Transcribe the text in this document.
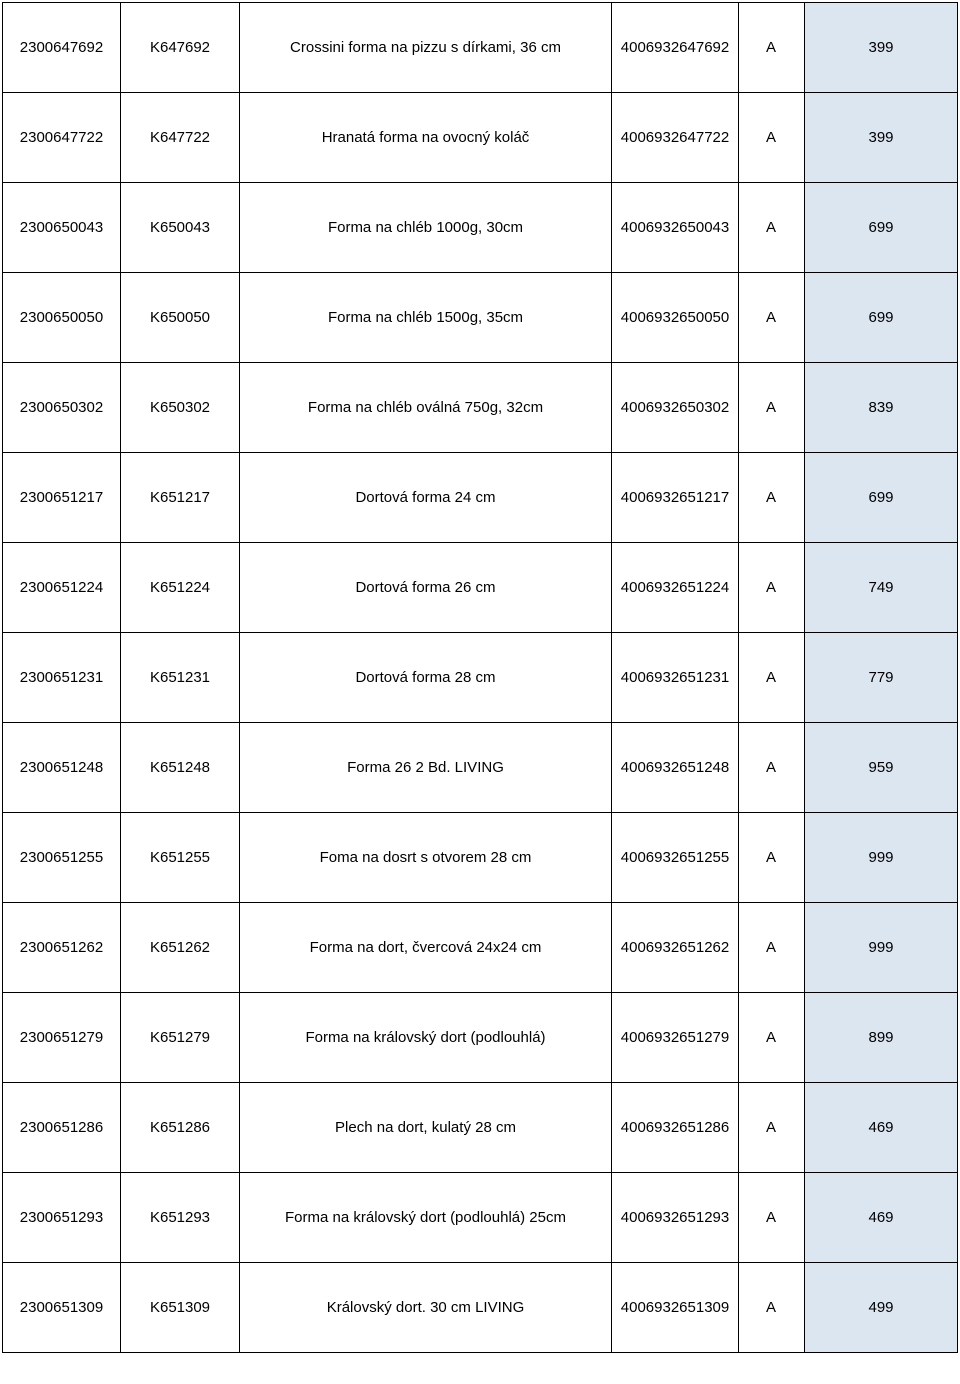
2300647692	K647692	Crossini forma na pizzu s dírkami, 36 cm	4006932647692	A	399
2300647722	K647722	Hranatá forma na ovocný koláč	4006932647722	A	399
2300650043	K650043	Forma na chléb 1000g, 30cm	4006932650043	A	699
2300650050	K650050	Forma na chléb 1500g, 35cm	4006932650050	A	699
2300650302	K650302	Forma na chléb oválná 750g, 32cm	4006932650302	A	839
2300651217	K651217	Dortová forma 24 cm	4006932651217	A	699
2300651224	K651224	Dortová forma 26 cm	4006932651224	A	749
2300651231	K651231	Dortová forma 28 cm	4006932651231	A	779
2300651248	K651248	Forma 26 2 Bd. LIVING	4006932651248	A	959
2300651255	K651255	Foma na dosrt s otvorem 28 cm	4006932651255	A	999
2300651262	K651262	Forma na dort, čvercová 24x24 cm	4006932651262	A	999
2300651279	K651279	Forma na královský dort (podlouhlá)	4006932651279	A	899
2300651286	K651286	Plech na dort, kulatý 28 cm	4006932651286	A	469
2300651293	K651293	Forma na královský dort (podlouhlá) 25cm	4006932651293	A	469
2300651309	K651309	Královský dort. 30 cm LIVING	4006932651309	A	499
